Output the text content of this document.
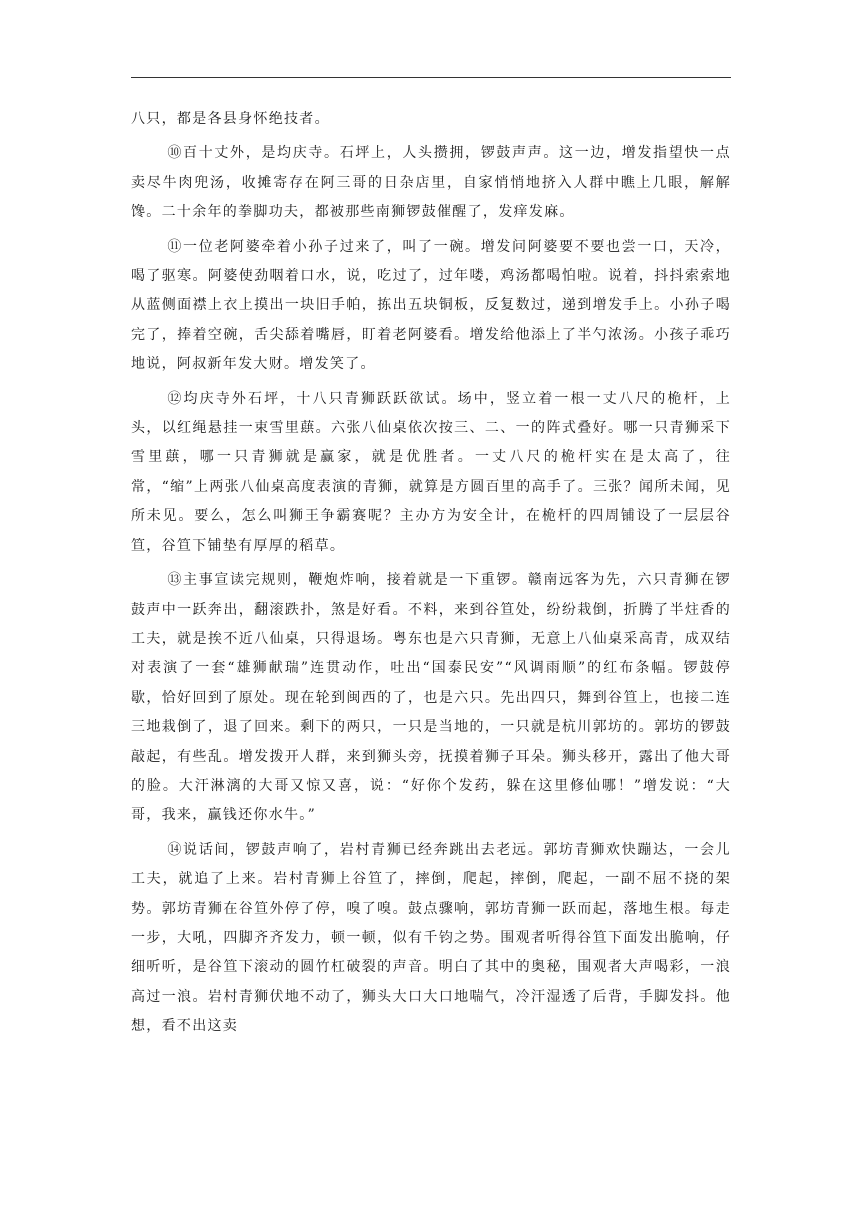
八只，都是各县身怀绝技者。

⑩百十丈外，是均庆寺。石坪上，人头攒拥，锣鼓声声。这一边，增发指望快一点卖尽牛肉兜汤，收摊寄存在阿三哥的日杂店里，自家悄悄地挤入人群中瞧上几眼，解解馋。二十余年的拳脚功夫，都被那些南狮锣鼓催醒了，发痒发麻。

⑪一位老阿婆牵着小孙子过来了，叫了一碗。增发问阿婆要不要也尝一口，天冷，喝了驱寒。阿婆使劲咽着口水，说，吃过了，过年喽，鸡汤都喝怕啦。说着，抖抖索索地从蓝侧面襟上衣上摸出一块旧手帕，拣出五块铜板，反复数过，递到增发手上。小孙子喝完了，捧着空碗，舌尖舔着嘴唇，盯着老阿婆看。增发给他添上了半勺浓汤。小孩子乖巧地说，阿叔新年发大财。增发笑了。

⑫均庆寺外石坪，十八只青狮跃跃欲试。场中，竖立着一根一丈八尺的桅杆，上头，以红绳悬挂一束雪里蕻。六张八仙桌依次按三、二、一的阵式叠好。哪一只青狮采下雪里蕻，哪一只青狮就是赢家，就是优胜者。一丈八尺的桅杆实在是太高了，往常，“缩”上两张八仙桌高度表演的青狮，就算是方圆百里的高手了。三张？闻所未闻，见所未见。要么，怎么叫狮王争霸赛呢？主办方为安全计，在桅杆的四周铺设了一层层谷笪，谷笪下铺垫有厚厚的稻草。

⑬主事宣读完规则，鞭炮炸响，接着就是一下重锣。赣南远客为先，六只青狮在锣鼓声中一跃奔出，翻滚跌扑，煞是好看。不料，来到谷笪处，纷纷栽倒，折腾了半炷香的工夫，就是挨不近八仙桌，只得退场。粤东也是六只青狮，无意上八仙桌采高青，成双结对表演了一套“雄狮献瑞”连贯动作，吐出“国泰民安”“风调雨顺”的红布条幅。锣鼓停歇，恰好回到了原处。现在轮到闽西的了，也是六只。先出四只，舞到谷笪上，也接二连三地栽倒了，退了回来。剩下的两只，一只是当地的，一只就是杭川郭坊的。郭坊的锣鼓敲起，有些乱。增发拨开人群，来到狮头旁，抚摸着狮子耳朵。狮头移开，露出了他大哥的脸。大汗淋漓的大哥又惊又喜，说：“好你个发药，躲在这里修仙哪！”增发说：“大哥，我来，赢钱还你水牛。”

⑭说话间，锣鼓声响了，岩村青狮已经奔跳出去老远。郭坊青狮欢快蹦达，一会儿工夫，就追了上来。岩村青狮上谷笪了，摔倒，爬起，摔倒，爬起，一副不屈不挠的架势。郭坊青狮在谷笪外停了停，嗅了嗅。鼓点骤响，郭坊青狮一跃而起，落地生根。每走一步，大吼，四脚齐齐发力，顿一顿，似有千钧之势。围观者听得谷笪下面发出脆响，仔细听听，是谷笪下滚动的圆竹杠破裂的声音。明白了其中的奥秘，围观者大声喝彩，一浪高过一浪。岩村青狮伏地不动了，狮头大口大口地喘气，冷汗湿透了后背，手脚发抖。他想，看不出这卖
